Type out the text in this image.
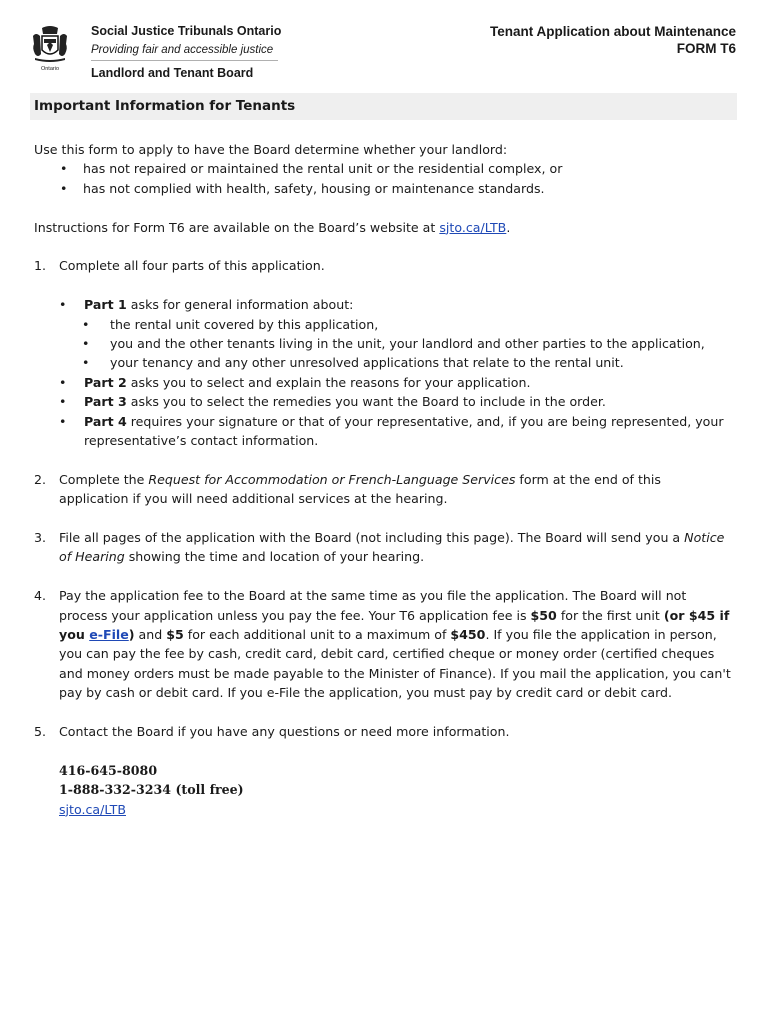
Ontario
Social Justice Tribunals Ontario
Providing fair and accessible justice
Landlord and Tenant Board
Tenant Application about Maintenance
FORM T6
Important Information for Tenants

Use this form to apply to have the Board determine whether your landlord:

• has not repaired or maintained the rental unit or the residential complex, or
• has not complied with health, safety, housing or maintenance standards.

Instructions for Form T6 are available on the Board’s website at sjto.ca/LTB.

1. Complete all four parts of this application.
• Part 1 asks for general information about:
• the rental unit covered by this application,
• you and the other tenants living in the unit, your landlord and other parties to the application,
• your tenancy and any other unresolved applications that relate to the rental unit.
• Part 2 asks you to select and explain the reasons for your application.
• Part 3 asks you to select the remedies you want the Board to include in the order.
• Part 4 requires your signature or that of your representative, and, if you are being represented, your representative’s contact information.
2. Complete the Request for Accommodation or French-Language Services form at the end of this application if you will need additional services at the hearing.
3. File all pages of the application with the Board (not including this page). The Board will send you a Notice of Hearing showing the time and location of your hearing.
4. Pay the application fee to the Board at the same time as you file the application. The Board will not process your application unless you pay the fee. Your T6 application fee is $50 for the first unit (or $45 if you e-File) and $5 for each additional unit to a maximum of $450. If you file the application in person, you can pay the fee by cash, credit card, debit card, certified cheque or money order (certified cheques and money orders must be made payable to the Minister of Finance). If you mail the application, you can't pay by cash or debit card. If you e-File the application, you must pay by credit card or debit card.
5. Contact the Board if you have any questions or need more information.
416-645-8080
1-888-332-3234 (toll free)
sjto.ca/LTB
